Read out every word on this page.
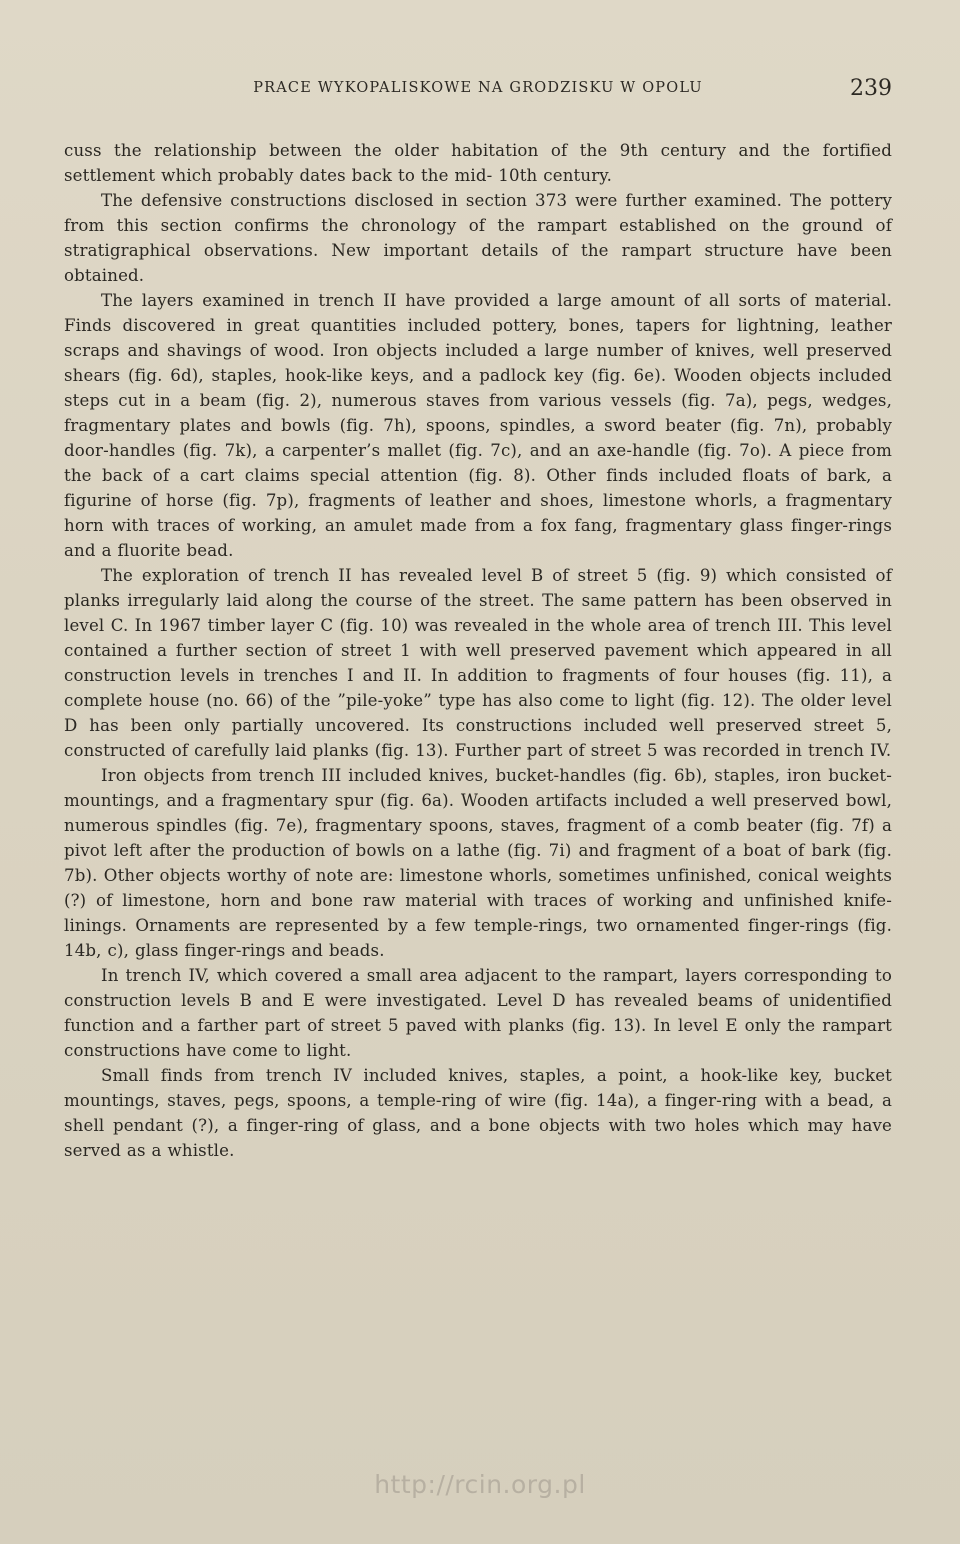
PRACE WYKOPALISKOWE NA GRODZISKU W OPOLU	239

cuss the relationship between the older habitation of the 9th century and the fortified settlement which probably dates back to the mid- 10th century.

The defensive constructions disclosed in section 373 were further examined. The pottery from this section confirms the chronology of the rampart established on the ground of stratigraphical observations. New important details of the rampart structure have been obtained.

The layers examined in trench II have provided a large amount of all sorts of material. Finds discovered in great quantities included pottery, bones, tapers for lightning, leather scraps and shavings of wood. Iron objects included a large number of knives, well preserved shears (fig. 6d), staples, hook-like keys, and a padlock key (fig. 6e). Wooden objects included steps cut in a beam (fig. 2), numerous staves from various vessels (fig. 7a), pegs, wedges, fragmentary plates and bowls (fig. 7h), spoons, spindles, a sword beater (fig. 7n), probably door-handles (fig. 7k), a carpenter’s mallet (fig. 7c), and an axe-handle (fig. 7o). A piece from the back of a cart claims special attention (fig. 8). Other finds included floats of bark, a figurine of horse (fig. 7p), fragments of leather and shoes, limestone whorls, a fragmentary horn with traces of working, an amulet made from a fox fang, fragmentary glass finger-rings and a fluorite bead.

The exploration of trench II has revealed level B of street 5 (fig. 9) which consisted of planks irregularly laid along the course of the street. The same pattern has been observed in level C. In 1967 timber layer C (fig. 10) was revealed in the whole area of trench III. This level contained a further section of street 1 with well preserved pavement which appeared in all construction levels in trenches I and II. In addition to fragments of four houses (fig. 11), a complete house (no. 66) of the ”pile-yoke” type has also come to light (fig. 12). The older level D has been only partially uncovered. Its constructions included well preserved street 5, constructed of carefully laid planks (fig. 13). Further part of street 5 was recorded in trench IV.

Iron objects from trench III included knives, bucket-handles (fig. 6b), staples, iron bucket-mountings, and a fragmentary spur (fig. 6a). Wooden artifacts included a well preserved bowl, numerous spindles (fig. 7e), fragmentary spoons, staves, fragment of a comb beater (fig. 7f) a pivot left after the production of bowls on a lathe (fig. 7i) and fragment of a boat of bark (fig. 7b). Other objects worthy of note are: limestone whorls, sometimes unfinished, conical weights (?) of limestone, horn and bone raw material with traces of working and unfinished knife-linings. Ornaments are represented by a few temple-rings, two ornamented finger-rings (fig. 14b, c), glass finger-rings and beads.

In trench IV, which covered a small area adjacent to the rampart, layers corresponding to construction levels B and E were investigated. Level D has revealed beams of unidentified function and a farther part of street 5 paved with planks (fig. 13). In level E only the rampart constructions have come to light.

Small finds from trench IV included knives, staples, a point, a hook-like key, bucket mountings, staves, pegs, spoons, a temple-ring of wire (fig. 14a), a finger-ring with a bead, a shell pendant (?), a finger-ring of glass, and a bone objects with two holes which may have served as a whistle.

http://rcin.org.pl
